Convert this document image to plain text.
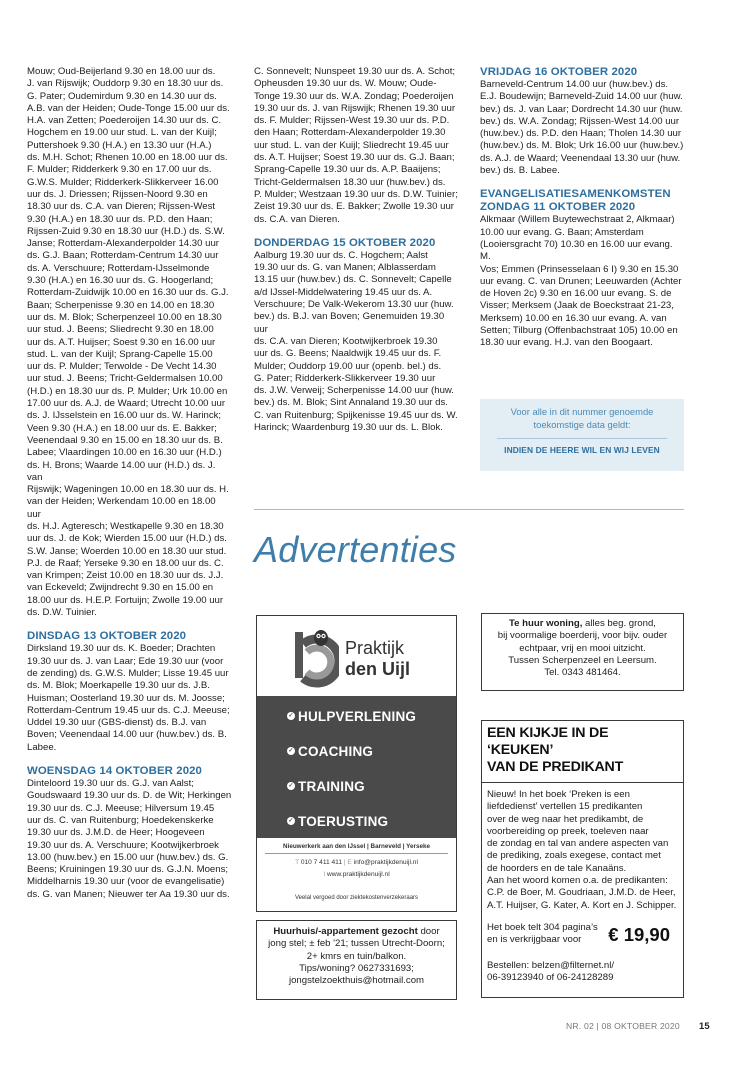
Mouw; Oud-Beijerland 9.30 en 18.00 uur ds.
J. van Rijswijk; Ouddorp 9.30 en 18.30 uur ds.
G. Pater; Oudemirdum 9.30 en 14.30 uur ds.
A.B. van der Heiden; Oude-Tonge 15.00 uur ds.
H.A. van Zetten; Poederoijen 14.30 uur ds. C.
Hogchem en 19.00 uur stud. L. van der Kuijl;
Puttershoek 9.30 (H.A.) en 13.30 uur (H.A.)
ds. M.H. Schot; Rhenen 10.00 en 18.00 uur ds.
F. Mulder; Ridderkerk 9.30 en 17.00 uur ds.
G.W.S. Mulder; Ridderkerk-Slikkerveer 16.00
uur ds. J. Driessen; Rijssen-Noord 9.30 en
18.30 uur ds. C.A. van Dieren; Rijssen-West
9.30 (H.A.) en 18.30 uur ds. P.D. den Haan;
Rijssen-Zuid 9.30 en 18.30 uur (H.D.) ds. S.W.
Janse; Rotterdam-Alexanderpolder 14.30 uur
ds. G.J. Baan; Rotterdam-Centrum 14.30 uur
ds. A. Verschuure; Rotterdam-IJsselmonde
9.30 (H.A.) en 16.30 uur ds. G. Hoogerland;
Rotterdam-Zuidwijk 10.00 en 16.30 uur ds. G.J.
Baan; Scherpenisse 9.30 en 14.00 en 18.30
uur ds. M. Blok; Scherpenzeel 10.00 en 18.30
uur stud. J. Beens; Sliedrecht 9.30 en 18.00
uur ds. A.T. Huijser; Soest 9.30 en 16.00 uur
stud. L. van der Kuijl; Sprang-Capelle 15.00
uur ds. P. Mulder; Terwolde - De Vecht 14.30
uur stud. J. Beens; Tricht-Geldermalsen 10.00
(H.D.) en 18.30 uur ds. P. Mulder; Urk 10.00 en
17.00 uur ds. A.J. de Waard; Utrecht 10.00 uur
ds. J. IJsselstein en 16.00 uur ds. W. Harinck;
Veen 9.30 (H.A.) en 18.00 uur ds. E. Bakker;
Veenendaal 9.30 en 15.00 en 18.30 uur ds. B.
Labee; Vlaardingen 10.00 en 16.30 uur (H.D.)
ds. H. Brons; Waarde 14.00 uur (H.D.) ds. J. van
Rijswijk; Wageningen 10.00 en 18.30 uur ds. H.
van der Heiden; Werkendam 10.00 en 18.00 uur
ds. H.J. Agteresch; Westkapelle 9.30 en 18.30
uur ds. J. de Kok; Wierden 15.00 uur (H.D.) ds.
S.W. Janse; Woerden 10.00 en 18.30 uur stud.
P.J. de Raaf; Yerseke 9.30 en 18.00 uur ds. C.
van Krimpen; Zeist 10.00 en 18.30 uur ds. J.J.
van Eckeveld; Zwijndrecht 9.30 en 15.00 en
18.00 uur ds. H.E.P. Fortuijn; Zwolle 19.00 uur
ds. D.W. Tuinier.

DINSDAG 13 OKTOBER 2020

Dirksland 19.30 uur ds. K. Boeder; Drachten
19.30 uur ds. J. van Laar; Ede 19.30 uur (voor
de zending) ds. G.W.S. Mulder; Lisse 19.45 uur
ds. M. Blok; Moerkapelle 19.30 uur ds. J.B.
Huisman; Oosterland 19.30 uur ds. M. Joosse;
Rotterdam-Centrum 19.45 uur ds. C.J. Meeuse;
Uddel 19.30 uur (GBS-dienst) ds. B.J. van
Boven; Veenendaal 14.00 uur (huw.bev.) ds. B.
Labee.

WOENSDAG 14 OKTOBER 2020

Dinteloord 19.30 uur ds. G.J. van Aalst;
Goudswaard 19.30 uur ds. D. de Wit; Herkingen
19.30 uur ds. C.J. Meeuse; Hilversum 19.45
uur ds. C. van Ruitenburg; Hoedekenskerke
19.30 uur ds. J.M.D. de Heer; Hoogeveen
19.30 uur ds. A. Verschuure; Kootwijkerbroek
13.00 (huw.bev.) en 15.00 uur (huw.bev.) ds. G.
Beens; Kruiningen 19.30 uur ds. G.J.N. Moens;
Middelharnis 19.30 uur (voor de evangelisatie)
ds. G. van Manen; Nieuwer ter Aa 19.30 uur ds.

C. Sonnevelt; Nunspeet 19.30 uur ds. A. Schot;
Opheusden 19.30 uur ds. W. Mouw; Oude-
Tonge 19.30 uur ds. W.A. Zondag; Poederoijen
19.30 uur ds. J. van Rijswijk; Rhenen 19.30 uur
ds. F. Mulder; Rijssen-West 19.30 uur ds. P.D.
den Haan; Rotterdam-Alexanderpolder 19.30
uur stud. L. van der Kuijl; Sliedrecht 19.45 uur
ds. A.T. Huijser; Soest 19.30 uur ds. G.J. Baan;
Sprang-Capelle 19.30 uur ds. A.P. Baaijens;
Tricht-Geldermalsen 18.30 uur (huw.bev.) ds.
P. Mulder; Westzaan 19.30 uur ds. D.W. Tuinier;
Zeist 19.30 uur ds. E. Bakker; Zwolle 19.30 uur
ds. C.A. van Dieren.

DONDERDAG 15 OKTOBER 2020

Aalburg 19.30 uur ds. C. Hogchem; Aalst
19.30 uur ds. G. van Manen; Alblasserdam
13.15 uur (huw.bev.) ds. C. Sonnevelt; Capelle
a/d IJssel-Middelwatering 19.45 uur ds. A.
Verschuure; De Valk-Wekerom 13.30 uur (huw.
bev.) ds. B.J. van Boven; Genemuiden 19.30 uur
ds. C.A. van Dieren; Kootwijkerbroek 19.30
uur ds. G. Beens; Naaldwijk 19.45 uur ds. F.
Mulder; Ouddorp 19.00 uur (openb. bel.) ds.
G. Pater; Ridderkerk-Slikkerveer 19.30 uur
ds. J.W. Verweij; Scherpenisse 14.00 uur (huw.
bev.) ds. M. Blok; Sint Annaland 19.30 uur ds.
C. van Ruitenburg; Spijkenisse 19.45 uur ds. W.
Harinck; Waardenburg 19.30 uur ds. L. Blok.

VRIJDAG 16 OKTOBER 2020

Barneveld-Centrum 14.00 uur (huw.bev.) ds.
E.J. Boudewijn; Barneveld-Zuid 14.00 uur (huw.
bev.) ds. J. van Laar; Dordrecht 14.30 uur (huw.
bev.) ds. W.A. Zondag; Rijssen-West 14.00 uur
(huw.bev.) ds. P.D. den Haan; Tholen 14.30 uur
(huw.bev.) ds. M. Blok; Urk 16.00 uur (huw.bev.)
ds. A.J. de Waard; Veenendaal 13.30 uur (huw.
bev.) ds. B. Labee.

EVANGELISATIESAMENKOMSTEN
ZONDAG 11 OKTOBER 2020

Alkmaar (Willem Buytewechstraat 2, Alkmaar)
10.00 uur evang. G. Baan; Amsterdam
(Looiersgracht 70) 10.30 en 16.00 uur evang. M.
Vos; Emmen (Prinsesselaan 6 I) 9.30 en 15.30
uur evang. C. van Drunen; Leeuwarden (Achter
de Hoven 2c) 9.30 en 16.00 uur evang. S. de
Visser; Merksem (Jaak de Boeckstraat 21-23,
Merksem) 10.00 en 16.30 uur evang. A. van
Setten; Tilburg (Offenbachstraat 105) 10.00 en
18.30 uur evang. H.J. van den Boogaart.

Voor alle in dit nummer genoemde
toekomstige data geldt:
INDIEN DE HEERE WIL EN WIJ LEVEN
Advertenties
Praktijk
den Uijl
✓ HULPVERLENING
✓ COACHING
✓ TRAINING
✓ TOERUSTING
Nieuwerkerk aan den IJssel | Barneveld | Yerseke
T 010 7 411 411 | E info@praktijkdenuijl.nl
I www.praktijkdenuijl.nl
Veelal vergoed door ziektekostenverzekeraars
Huurhuis/-appartement gezocht door
jong stel; ± feb '21; tussen Utrecht-Doorn;
2+ kmrs en tuin/balkon.
Tips/woning? 0627331693;
jongstelzoekthuis@hotmail.com
Te huur woning, alles beg. grond,
bij voormalige boerderij, voor bijv. ouder
echtpaar, vrij en mooi uitzicht.
Tussen Scherpenzeel en Leersum.
Tel. 0343 481464.
EEN KIJKJE IN DE ‘KEUKEN’
VAN DE PREDIKANT
Nieuw! In het boek ‘Preken is een
liefdedienst’ vertellen 15 predikanten
over de weg naar het predikambt, de
voorbereiding op preek, toeleven naar
de zondag en tal van andere aspecten van
de prediking, zoals exegese, contact met
de hoorders en de tale Kanaäns.
Aan het woord komen o.a. de predikanten:
C.P. de Boer, M. Goudriaan, J.M.D. de Heer,
A.T. Huijser, G. Kater, A. Kort en J. Schipper.
Het boek telt 304 pagina’s
en is verkrijgbaar voor	€ 19,90
Bestellen: belzen@filternet.nl/
06-39123940 of 06-24128289
NR. 02 | 08 OKTOBER 2020 15
